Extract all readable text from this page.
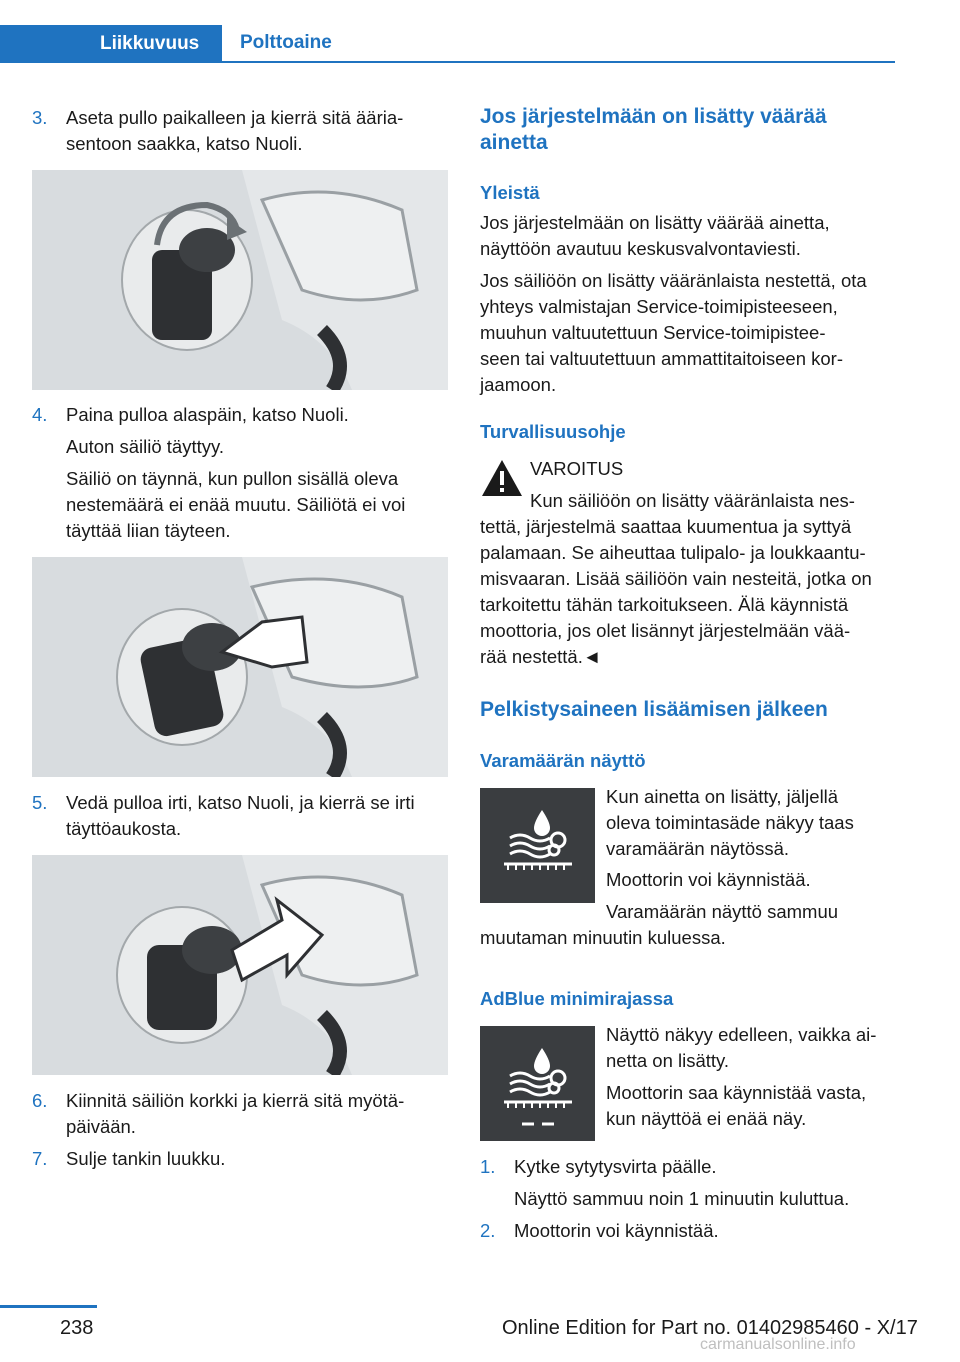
Liikkuvuus Polttoaine
3.	Aseta pullo paikalleen ja kierrä sitä ääria‐
sentoon saakka, katso Nuoli.
4.	Paina pulloa alaspäin, katso Nuoli.
Auton säiliö täyttyy.
Säiliö on täynnä, kun pullon sisällä oleva
nestemäärä ei enää muutu. Säiliötä ei voi
täyttää liian täyteen.
5.	Vedä pulloa irti, katso Nuoli, ja kierrä se irti
täyttöaukosta.
6.	Kiinnitä säiliön korkki ja kierrä sitä myötä‐
päivään.
7.	Sulje tankin luukku.
Jos järjestelmään on lisätty väärää
ainetta
Yleistä
Jos järjestelmään on lisätty väärää ainetta,
näyttöön avautuu keskusvalvontaviesti.
Jos säiliöön on lisätty vääränlaista nestettä, ota
yhteys valmistajan Service-toimipisteeseen,
muuhun valtuutettuun Service-toimipistee‐
seen tai valtuutettuun ammattitaitoiseen kor‐
jaamoon.
Turvallisuusohje
VAROITUS
Kun säiliöön on lisätty vääränlaista nes‐
tettä, järjestelmä saattaa kuumentua ja syttyä
palamaan. Se aiheuttaa tulipalo- ja loukkaantu‐
misvaaran. Lisää säiliöön vain nesteitä, jotka on
tarkoitettu tähän tarkoitukseen. Älä käynnistä
moottoria, jos olet lisännyt järjestelmään vää‐
rää nestettä.◄
Pelkistysaineen lisäämisen jälkeen
Varamäärän näyttö
Kun ainetta on lisätty, jäljellä
oleva toimintasäde näkyy taas
varamäärän näytössä.
Moottorin voi käynnistää.
Varamäärän näyttö sammuu
muutaman minuutin kuluessa.
AdBlue minimirajassa
Näyttö näkyy edelleen, vaikka ai‐
netta on lisätty.
Moottorin saa käynnistää vasta,
kun näyttöä ei enää näy.
1.	Kytke sytytysvirta päälle.
Näyttö sammuu noin 1 minuutin kuluttua.
2.	Moottorin voi käynnistää.
238	Online Edition for Part no. 01402985460 - X/17
carmanualsonline.info
